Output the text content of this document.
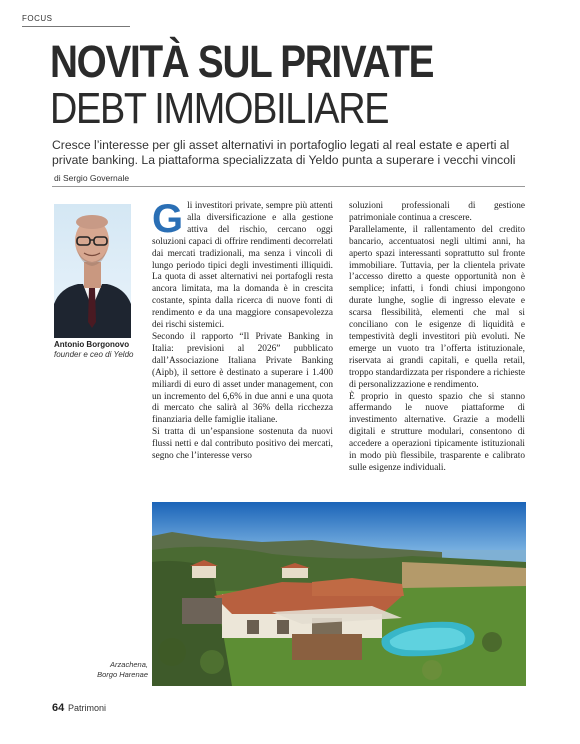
FOCUS
NOVITÀ SUL PRIVATE
DEBT IMMOBILIARE
Cresce l’interesse per gli asset alternativi in portafoglio legati al real estate e aperti al private banking. La piattaforma specializzata di Yeldo punta a superare i vecchi vincoli
di Sergio Governale
Antonio Borgonovo
founder e ceo di Yeldo

Gli investitori private, sempre più attenti alla diversificazione e alla gestione attiva del rischio, cercano oggi soluzioni capaci di offrire rendimenti decorrelati dai mercati tradizionali, ma senza i vincoli di lungo periodo tipici degli investimenti illiquidi. La quota di asset alternativi nei portafogli resta ancora limitata, ma la domanda è in crescita costante, spinta dalla ricerca di nuove fonti di rendimento e da una maggiore consapevolezza dei rischi sistemici.

Secondo il rapporto “Il Private Banking in Italia: previsioni al 2026” pubblicato dall’Associazione Italiana Private Banking (Aipb), il settore è destinato a superare i 1.400 miliardi di euro di asset under management, con un incremento del 6,6% in due anni e una quota di mercato che salirà al 36% della ricchezza finanziaria delle famiglie italiane.

Si tratta di un’espansione sostenuta da nuovi flussi netti e dal contributo positivo dei mercati, segno che l’interesse verso

soluzioni professionali di gestione patrimoniale continua a crescere.

Parallelamente, il rallentamento del credito bancario, accentuatosi negli ultimi anni, ha aperto spazi interessanti soprattutto sul fronte immobiliare. Tuttavia, per la clientela private l’accesso diretto a queste opportunità non è semplice; infatti, i fondi chiusi impongono durate lunghe, soglie di ingresso elevate e scarsa flessibilità, elementi che mal si conciliano con le esigenze di liquidità e tempestività degli investitori più evoluti. Ne emerge un vuoto tra l’offerta istituzionale, riservata ai grandi capitali, e quella retail, troppo standardizzata per rispondere a richieste di personalizzazione e rendimento.

È proprio in questo spazio che si stanno affermando le nuove piattaforme di investimento alternative. Grazie a modelli digitali e strutture modulari, consentono di accedere a operazioni tipicamente istituzionali in modo più flessibile, trasparente e calibrato sulle esigenze individuali.

Arzachena, Borgo Harenae
64 Patrimoni
